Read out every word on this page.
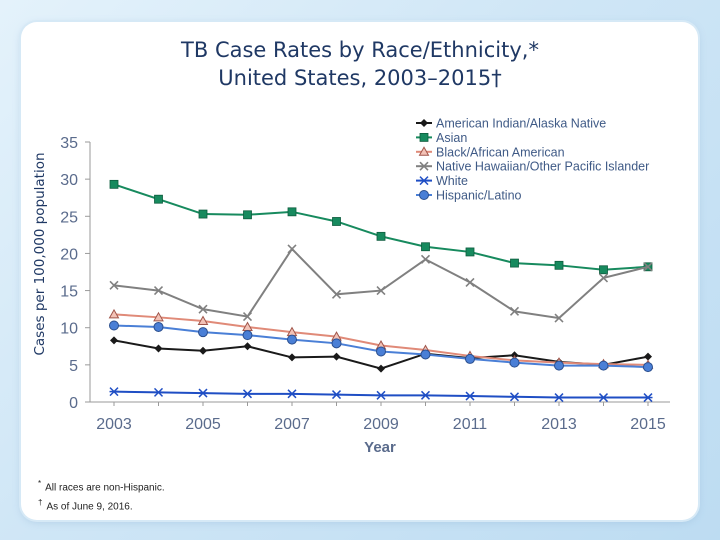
TB Case Rates by Race/Ethnicity,*
United States, 2003–2015†
0
5
10
15
20
25
30
35
2003	2005	2007	2009	2011	2013	2015
Year
Cases per 100,000 population
American Indian/Alaska Native
Asian
Black/African American
Native Hawaiian/Other Pacific Islander
White
Hispanic/Latino
* All races are non-Hispanic.
† As of June 9, 2016.
